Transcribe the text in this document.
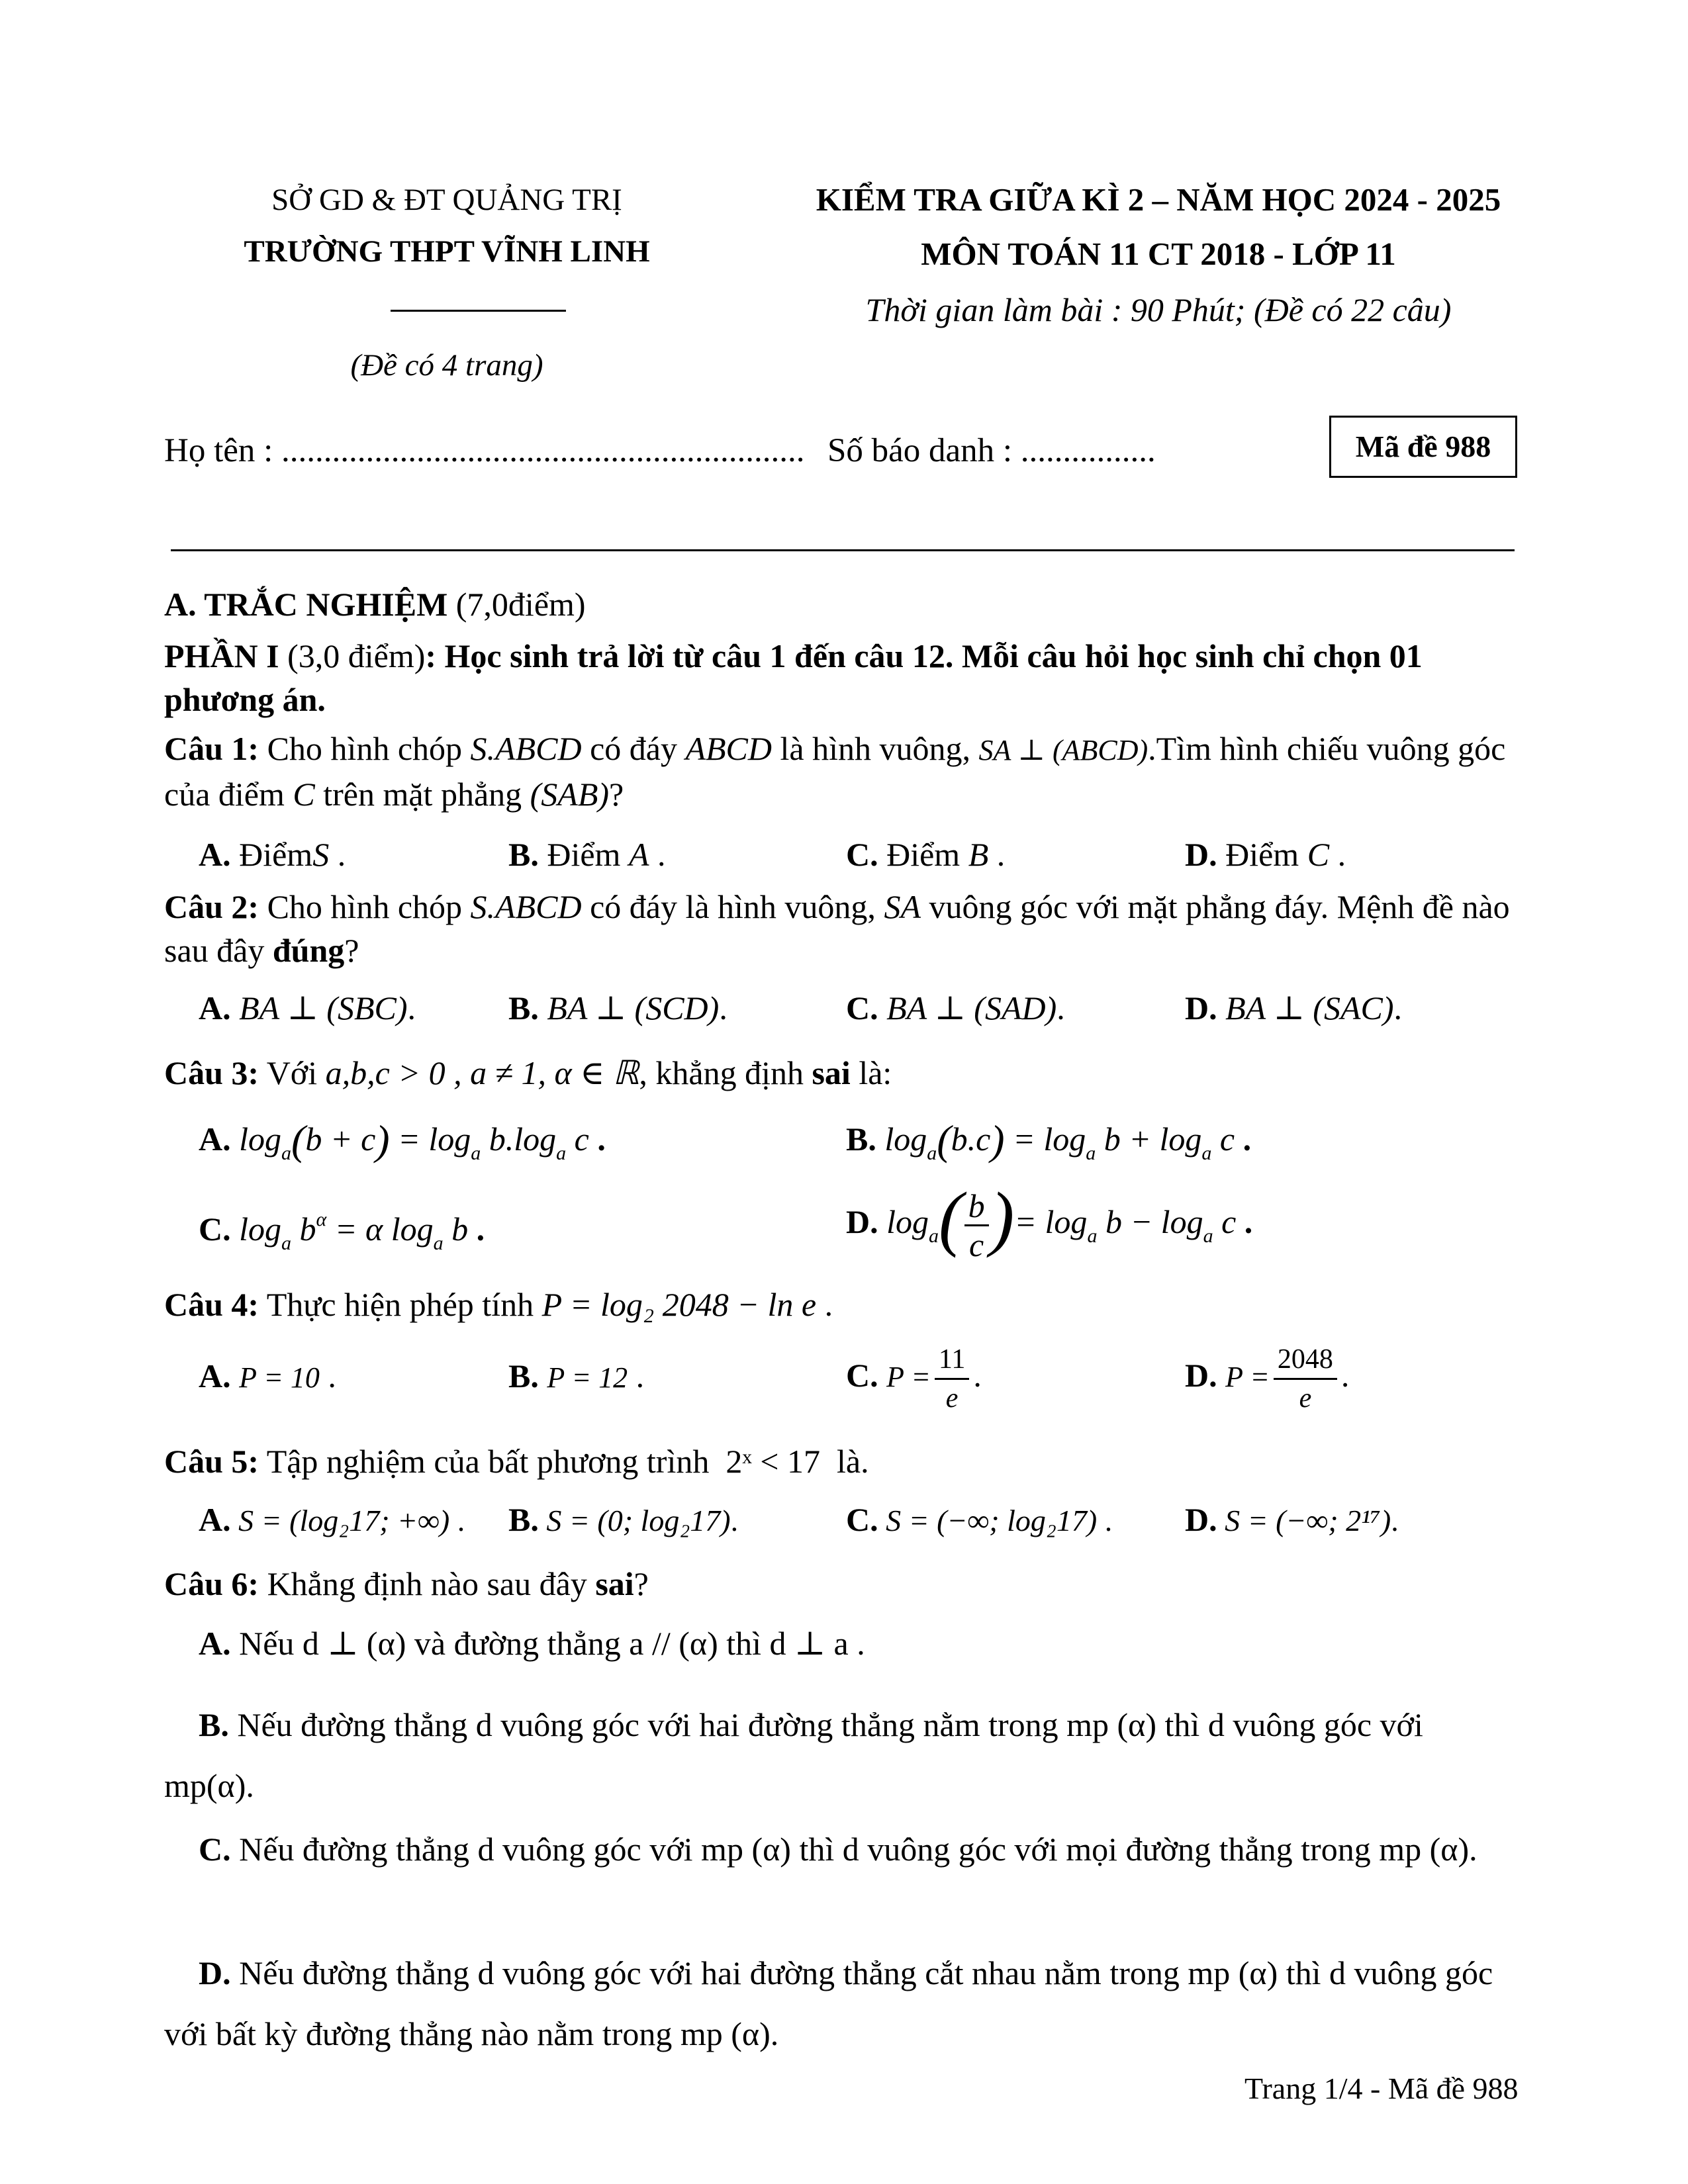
SỞ GD & ĐT QUẢNG TRỊ
TRƯỜNG THPT VĨNH LINH
(Đề có 4 trang)
KIỂM TRA GIỮA KÌ 2 – NĂM HỌC 2024 - 2025
MÔN TOÁN 11 CT 2018 - LỚP 11
Thời gian làm bài : 90 Phút; (Đề có 22 câu)
Họ tên : .............................................................. Số báo danh : ................	Mã đề 988
A. TRẮC NGHIỆM (7,0điểm)
PHẦN I (3,0 điểm): Học sinh trả lời từ câu 1 đến câu 12. Mỗi câu hỏi học sinh chỉ chọn 01 phương án.
Câu 1: Cho hình chóp S.ABCD có đáy ABCD là hình vuông, SA ⊥ (ABCD).Tìm hình chiếu vuông góc của điểm C trên mặt phẳng (SAB)?
A. ĐiểmS .	B. Điểm A .	C. Điểm B .	D. Điểm C .
Câu 2: Cho hình chóp S.ABCD có đáy là hình vuông, SA vuông góc với mặt phẳng đáy. Mệnh đề nào sau đây đúng?
A. BA ⊥ (SBC).	B. BA ⊥ (SCD).	C. BA ⊥ (SAD).	D. BA ⊥ (SAC).
Câu 3: Với a,b,c > 0 , a ≠ 1, α ∈ ℝ, khẳng định sai là:
A. $\log_a(b + c) = \log_a b.\log_a$ c .	B. $\log_a(b.c) = \log_a b + \log_a c$ .
C. $\log_a b^\alpha = \alpha$ $\log_a b$ .	D. $\log_a( \frac{b}{c}$ )= $\log_a b - \log_a c$ .
Câu 4: Thực hiện phép tính P = log₂ 2048 − ln e .
A. P = 10 .	B. P = 12 .	C. $P = \frac{11}{e}$ .	D. $P = \frac{2048}{e}$ .
Câu 5: Tập nghiệm của bất phương trình 2ˣ < 17 là.
A. S = (log₂17; +∞) . B. S = (0; log₂17).	C. S = (−∞; log₂17) . D. S = (−∞; 2¹⁷).
Câu 6: Khẳng định nào sau đây sai?
A. Nếu d ⊥ (α) và đường thẳng a // (α) thì d ⊥ a .
B. Nếu đường thẳng d vuông góc với hai đường thẳng nằm trong mp (α) thì d vuông góc với mp(α).
C. Nếu đường thẳng d vuông góc với mp (α) thì d vuông góc với mọi đường thẳng trong mp (α).
D. Nếu đường thẳng d vuông góc với hai đường thẳng cắt nhau nằm trong mp (α) thì d vuông góc với bất kỳ đường thẳng nào nằm trong mp (α).
Trang 1/4 - Mã đề 988
